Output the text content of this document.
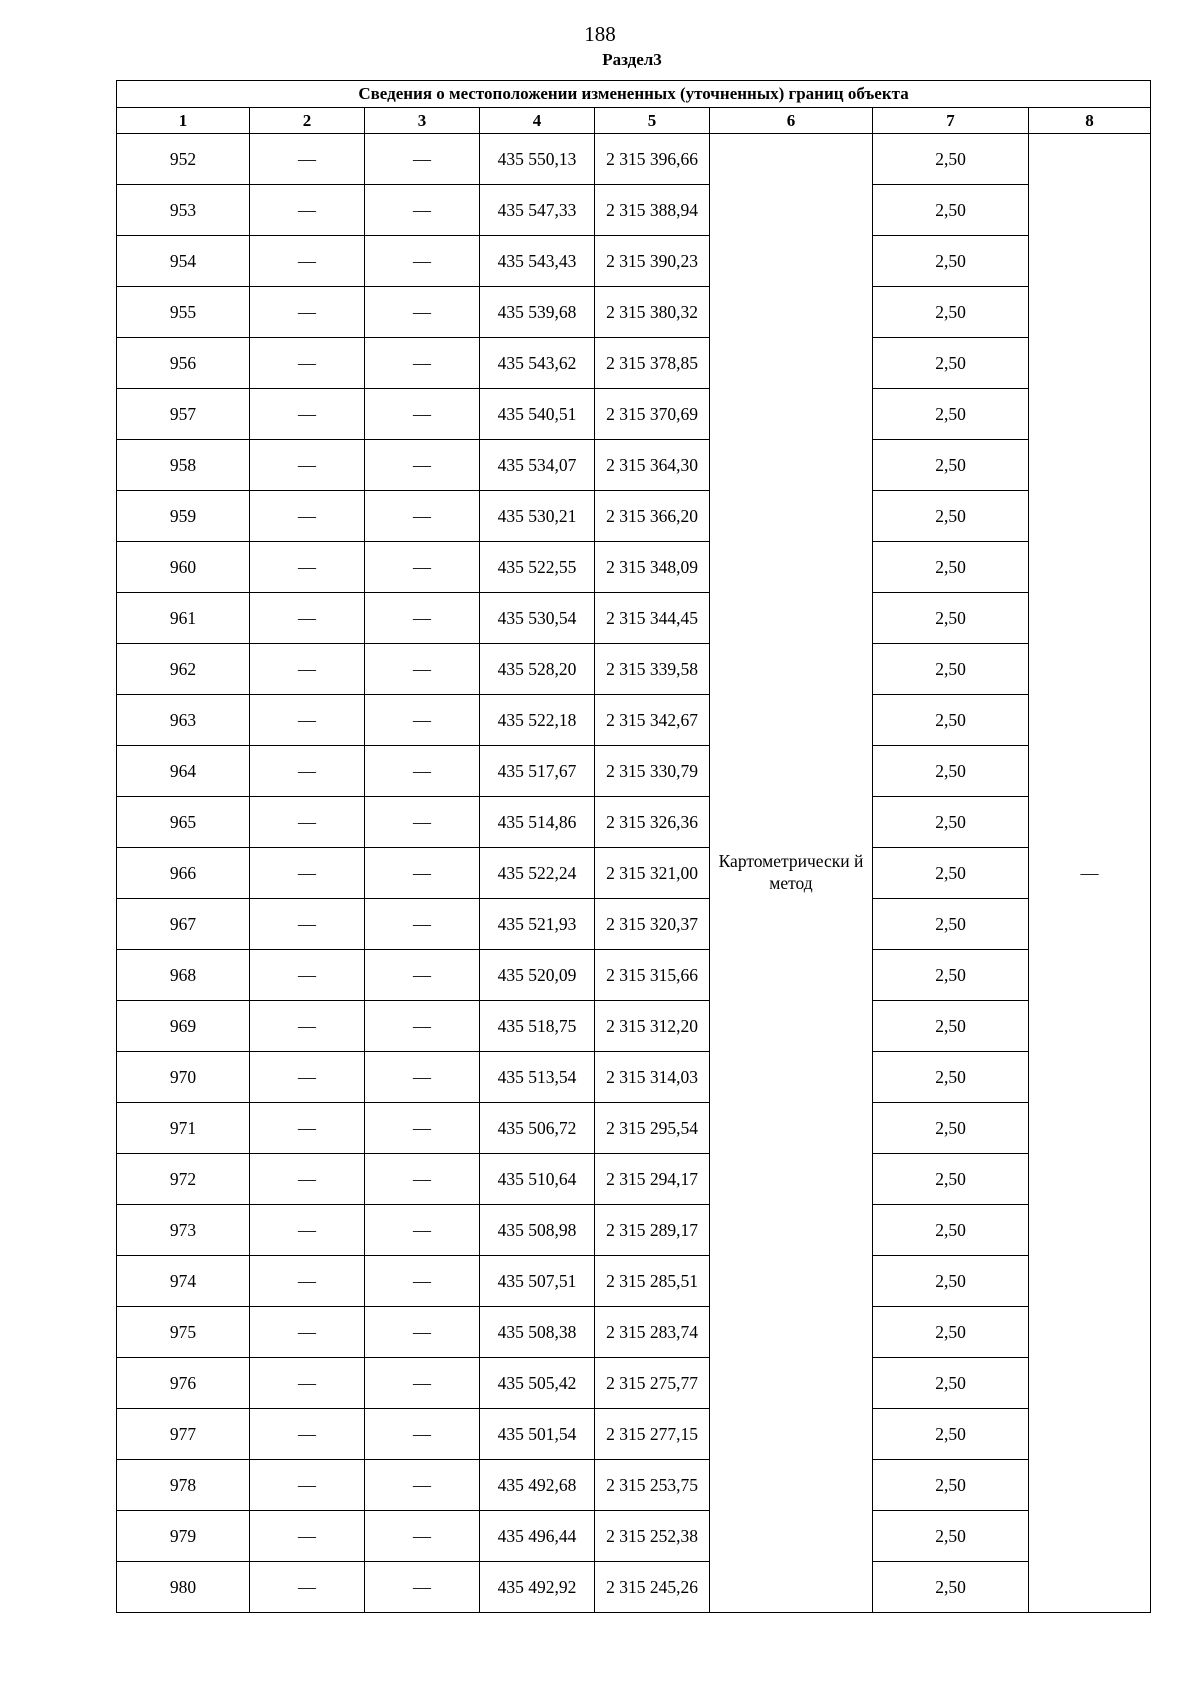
188
Раздел3
Сведения о местоположении измененных (уточненных) границ объекта							
1	2	3	4	5	6	7	8
952	—	—	435 550,13	2 315 396,66	Картометрически й метод	2,50	—
953	—	—	435 547,33	2 315 388,94		2,50	
954	—	—	435 543,43	2 315 390,23		2,50	
955	—	—	435 539,68	2 315 380,32		2,50	
956	—	—	435 543,62	2 315 378,85		2,50	
957	—	—	435 540,51	2 315 370,69		2,50	
958	—	—	435 534,07	2 315 364,30		2,50	
959	—	—	435 530,21	2 315 366,20		2,50	
960	—	—	435 522,55	2 315 348,09		2,50	
961	—	—	435 530,54	2 315 344,45		2,50	
962	—	—	435 528,20	2 315 339,58		2,50	
963	—	—	435 522,18	2 315 342,67		2,50	
964	—	—	435 517,67	2 315 330,79		2,50	
965	—	—	435 514,86	2 315 326,36		2,50	
966	—	—	435 522,24	2 315 321,00		2,50	
967	—	—	435 521,93	2 315 320,37		2,50	
968	—	—	435 520,09	2 315 315,66		2,50	
969	—	—	435 518,75	2 315 312,20		2,50	
970	—	—	435 513,54	2 315 314,03		2,50	
971	—	—	435 506,72	2 315 295,54		2,50	
972	—	—	435 510,64	2 315 294,17		2,50	
973	—	—	435 508,98	2 315 289,17		2,50	
974	—	—	435 507,51	2 315 285,51		2,50	
975	—	—	435 508,38	2 315 283,74		2,50	
976	—	—	435 505,42	2 315 275,77		2,50	
977	—	—	435 501,54	2 315 277,15		2,50	
978	—	—	435 492,68	2 315 253,75		2,50	
979	—	—	435 496,44	2 315 252,38		2,50	
980	—	—	435 492,92	2 315 245,26		2,50	
